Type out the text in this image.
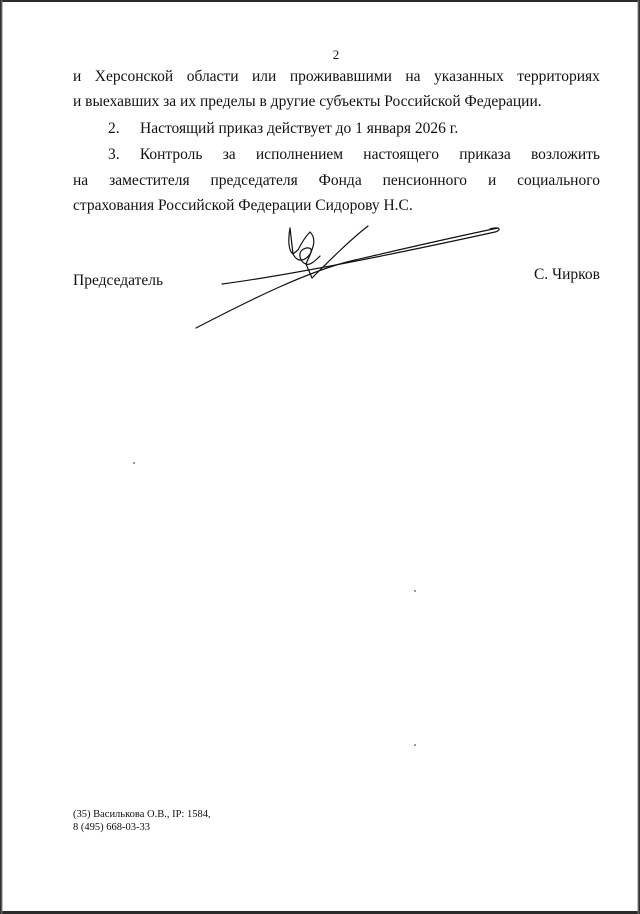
2
и Херсонской области или проживавшими на указанных территориях
и выехавших за их пределы в другие субъекты Российской Федерации.
2. Настоящий приказ действует до 1 января 2026 г.
3. Контроль за исполнением настоящего приказа возложить
на заместителя председателя Фонда пенсионного и социального
страхования Российской Федерации Сидорову Н.С.
Председатель	С. Чирков
(35) Василькова О.В., IP: 1584,
8 (495) 668-03-33
